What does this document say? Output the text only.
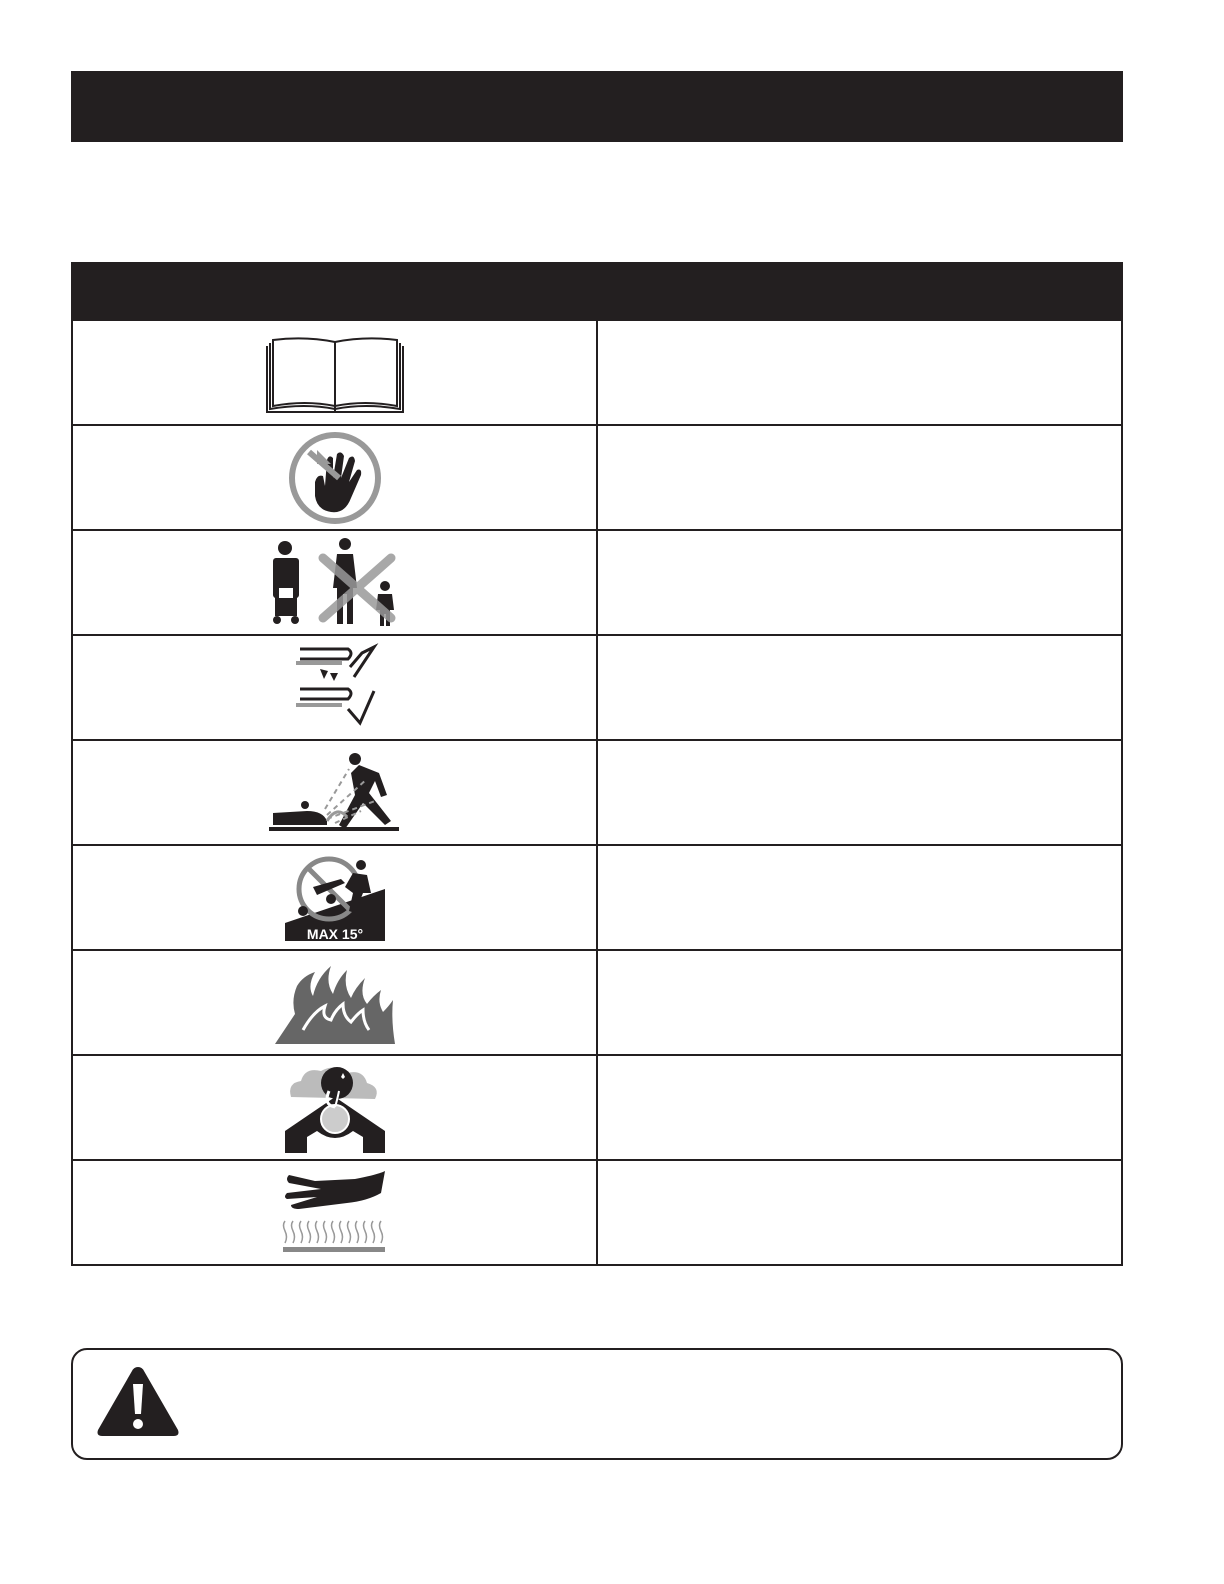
MAX 15°	
